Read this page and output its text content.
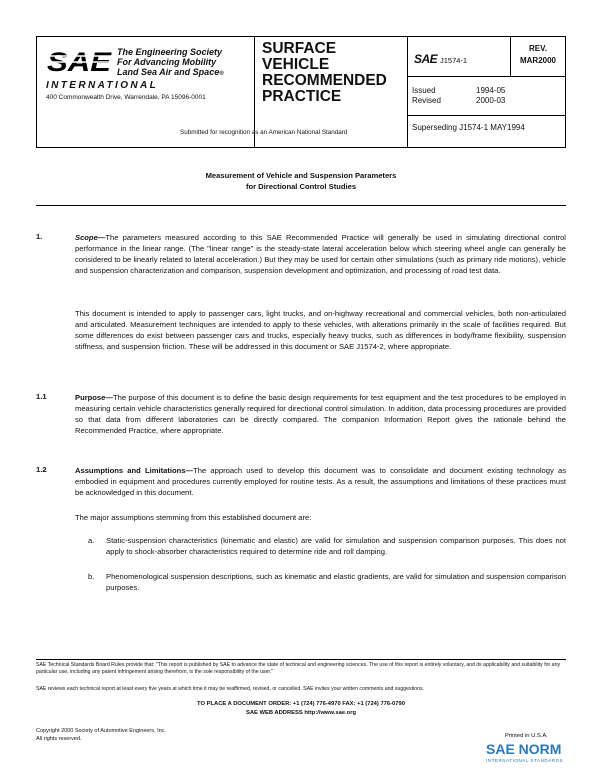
SAE The Engineering Society
For Advancing Mobility
Land Sea Air and Space®
INTERNATIONAL
400 Commonwealth Drive, Warrendale, PA 15096-0001
SURFACE
VEHICLE
RECOMMENDED
PRACTICE
Submitted for recognition as an American National Standard
SAE J1574-1
REV.
MAR2000
Issued	1994-05
Revised	2000-03
Superseding J1574-1 MAY1994
Measurement of Vehicle and Suspension Parameters
for Directional Control Studies
1.	Scope—The parameters measured according to this SAE Recommended Practice will generally be used in simulating directional control performance in the linear range. (The "linear range" is the steady-state lateral acceleration below which steering wheel angle can generally be considered to be linearly related to lateral acceleration.) But they may be used for certain other simulations (such as primary ride motions), vehicle and suspension characterization and comparison, suspension development and optimization, and processing of road test data.
This document is intended to apply to passenger cars, light trucks, and on-highway recreational and commercial vehicles, both non-articulated and articulated. Measurement techniques are intended to apply to these vehicles, with alterations primarily in the scale of facilities required. But some differences do exist between passenger cars and trucks, especially heavy trucks, such as differences in body/frame flexibility, suspension stiffness, and suspension friction. These will be addressed in this document or SAE J1574-2, where appropriate.
1.1	Purpose—The purpose of this document is to define the basic design requirements for test equipment and the test procedures to be employed in measuring certain vehicle characteristics generally required for directional control simulation. In addition, data processing procedures are provided so that data from different laboratories can be directly compared. The companion Information Report gives the rationale behind the Recommended Practice, where appropriate.
1.2	Assumptions and Limitations—The approach used to develop this document was to consolidate and document existing technology as embodied in equipment and procedures currently employed for routine tests. As a result, the assumptions and limitations of these practices must be acknowledged in this document.
The major assumptions stemming from this established document are:
a. Static-suspension characteristics (kinematic and elastic) are valid for simulation and suspension comparison purposes. This does not apply to shock-absorber characteristics required to determine ride and roll damping.
b. Phenomenological suspension descriptions, such as kinematic and elastic gradients, are valid for simulation and suspension comparison purposes.
SAE Technical Standards Board Rules provide that: "This report is published by SAE to advance the state of technical and engineering sciences. The use of this report is entirely voluntary, and its applicability and suitability for any particular use, including any patent infringement arising therefrom, is the sole responsibility of the user."
SAE reviews each technical report at least every five years at which time it may be reaffirmed, revised, or cancelled. SAE invites your written comments and suggestions.
TO PLACE A DOCUMENT ORDER: +1 (724) 776-4970 FAX: +1 (724) 776-0790
SAE WEB ADDRESS http://www.sae.org
Copyright 2000 Society of Automotive Engineers, Inc.
All rights reserved.	Printed in U.S.A.
SAE NORM
INTERNATIONAL STANDARDS
